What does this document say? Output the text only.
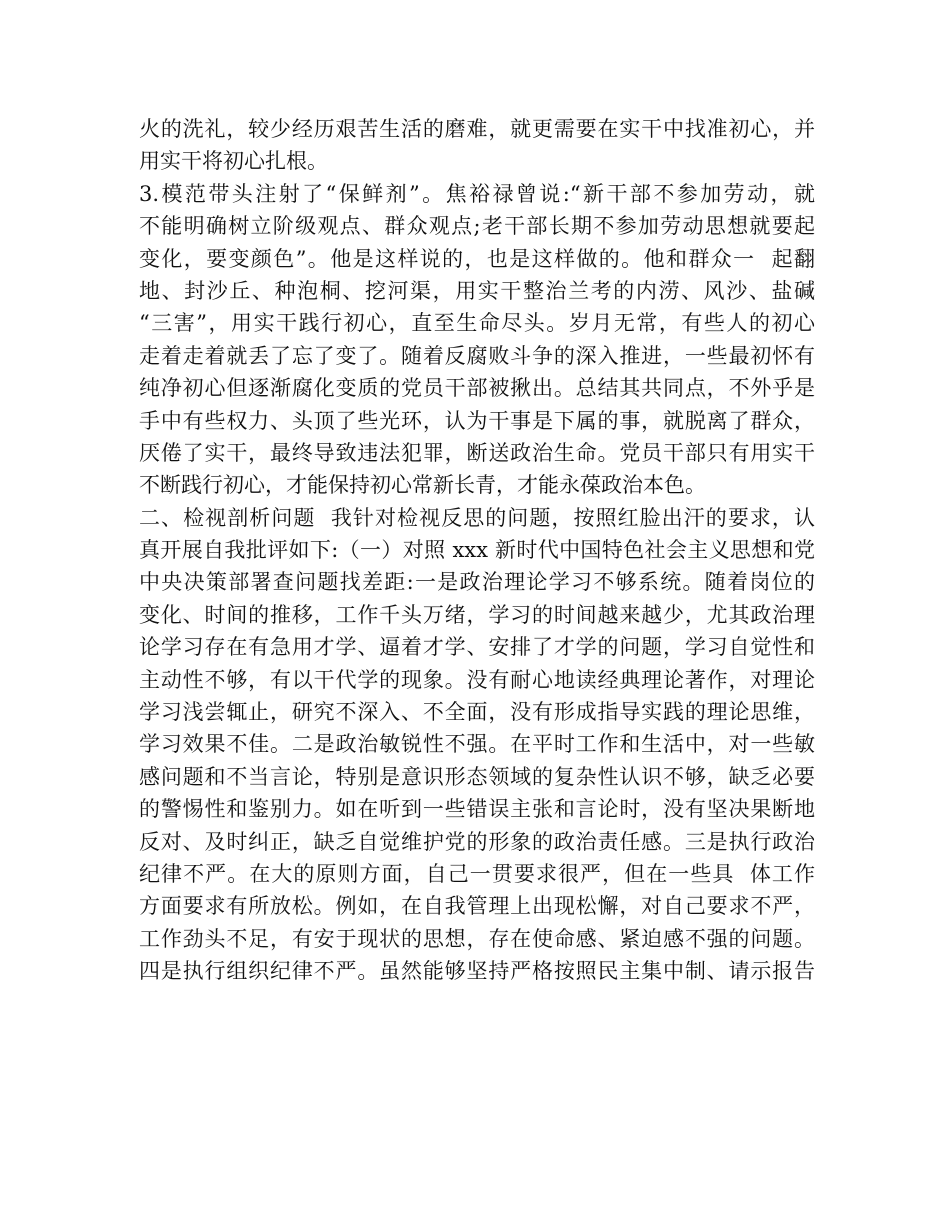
火的洗礼，较少经历艰苦生活的磨难，就更需要在实干中找准初心，并
用实干将初心扎根。
3.模范带头注射了“保鲜剂”。焦裕禄曾说:“新干部不参加劳动，就
不能明确树立阶级观点、群众观点;老干部长期不参加劳动思想就要起
变化，要变颜色”。他是这样说的，也是这样做的。他和群众一  起翻
地、封沙丘、种泡桐、挖河渠，用实干整治兰考的内涝、风沙、盐碱
“三害”，用实干践行初心，直至生命尽头。岁月无常，有些人的初心
走着走着就丢了忘了变了。随着反腐败斗争的深入推进，一些最初怀有
纯净初心但逐渐腐化变质的党员干部被揪出。总结其共同点，不外乎是
手中有些权力、头顶了些光环，认为干事是下属的事，就脱离了群众，
厌倦了实干，最终导致违法犯罪，断送政治生命。党员干部只有用实干
不断践行初心，才能保持初心常新长青，才能永葆政治本色。
二、检视剖析问题  我针对检视反思的问题，按照红脸出汗的要求，认
真开展自我批评如下:（一）对照 xxx 新时代中国特色社会主义思想和党
中央决策部署查问题找差距:一是政治理论学习不够系统。随着岗位的
变化、时间的推移，工作千头万绪，学习的时间越来越少，尤其政治理
论学习存在有急用才学、逼着才学、安排了才学的问题，学习自觉性和
主动性不够，有以干代学的现象。没有耐心地读经典理论著作，对理论
学习浅尝辄止，研究不深入、不全面，没有形成指导实践的理论思维，
学习效果不佳。二是政治敏锐性不强。在平时工作和生活中，对一些敏
感问题和不当言论，特别是意识形态领域的复杂性认识不够，缺乏必要
的警惕性和鉴别力。如在听到一些错误主张和言论时，没有坚决果断地
反对、及时纠正，缺乏自觉维护党的形象的政治责任感。三是执行政治
纪律不严。在大的原则方面，自己一贯要求很严，但在一些具  体工作
方面要求有所放松。例如，在自我管理上出现松懈，对自己要求不严，
工作劲头不足，有安于现状的思想，存在使命感、紧迫感不强的问题。
四是执行组织纪律不严。虽然能够坚持严格按照民主集中制、请示报告
